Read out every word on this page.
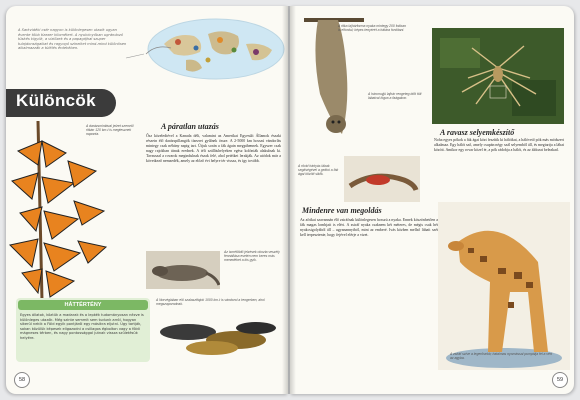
A Sarkvidéki csér nagyon is különlegesen utazik ugyan évente több tízezer kilométert. A nyulvinyóban ugrándozó tüskés kígyók, a viziőzek és a papagájhal szuper tulajdonságaikat és ragyogó színeiket mind-mind különösen alkalmazzák a túlélés érdekében.
Különcök
A darázsmintával jelzet szemről ritkán 120 km-t is megtesznek naponta.
A páratlan utazás
Ősz közeledtével a Kanada déli, valamint az Amerikai Egyesült Államok északi részein élő darázspillangók tízezrei gyűlnek össze. A 2-5000 km hosszú vándorlás mintegy csak néhány napig tart. Útjuk során a fák ágain megpihennek. Egyszer csak nagy rajokban útnak erednek. A téli szálláshelyeken egész kolóniák alakulnak ki. Tavasszal a rovarok megindulnak észak felé, ahol petéiket lerakják. Az utódok már a következő nemzedék, amely az előző évi helyre tér vissza, és így tovább.
Az ismétlődő jelzések okozta veszély fennállása esetén nem keres más menedéket a kis gyík.
A Norvégiában elő szalasztfajok 1000 km-t is vándorol a tengerben, ahol megszaporodnak.
HÁTTÉRTÉNY
Egyes állatok, köztük a madarak és a lepkék tudományosan nézve is különleges utazók. Még szinte semmit sem tudunk arról, hogyan sikerül nekik a Föld egyik pontjáról egy másikra eljutni. Úgy tartják, sokan közülük képesek eligazodni a csillagos égbolton vagy a földi mágneses térben, és nagy pontossággal jutnak vissza születésük helyére.
58
A ritka lajhárforma nyaka mintegy 200 fokban is elfordul; képes tenyérét a hátára fordítani.
A háromujjú lajhár rengeteg időt tölt lábaival lógva a faágakon.
A ravasz selyemkészítő
Noha egyes pókok a fák ágai közt feszítik ki hálóikat, a hálóvető pók más módszert alkalmaz. Egy hálót sző, amely csupán négy szál selyemből áll, és megtartja a lábai között. Amikor egy rovar közel ér, a pók rádobja a hálót, és az áldozat beleakad.
A rövid hártyás lábak segítségével a gekkó a fák ágai között siklik.
Mindenre van megoldás
Az afrikai szavannán élő zsiráfnak különlegesen hosszú a nyaka. Ennek köszönhetően a fák magas lombjait is eléri. A zsiráf nyaka csaknem két méteres, de mégis csak hét nyakcsigolyából áll – ugyanannyiból, mint az emberé. Ivás közben mellső lábait szét kell terpesztenie, hogy fejével elérje a vizet.
A zsiráf szíve a legerősebb; hatalmas nyomással pumpálja fel a vért az agyba.
59
